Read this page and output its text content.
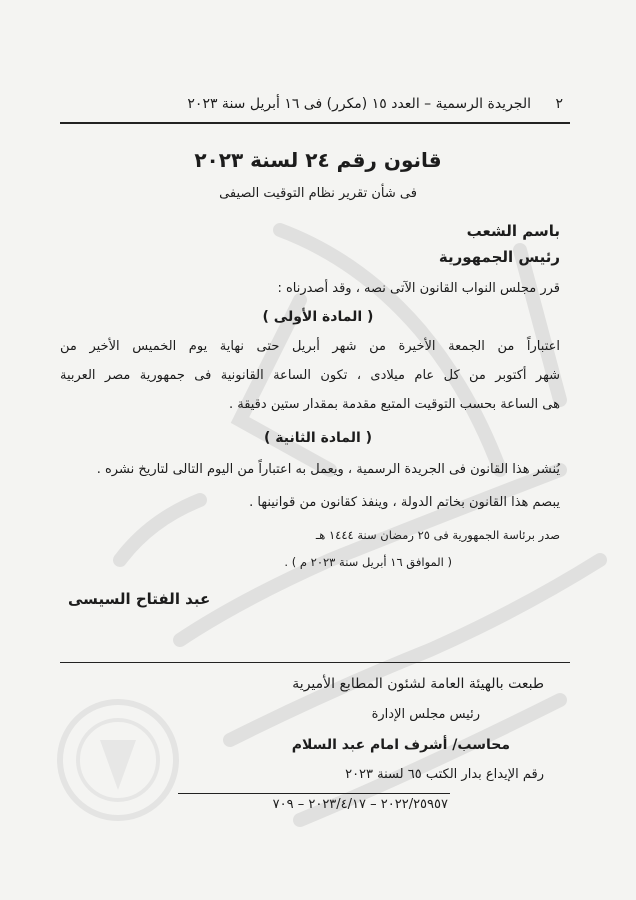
٢
الجريدة الرسمية – العدد ١٥ (مكرر) فى ١٦ أبريل سنة ٢٠٢٣
قانون رقم ٢٤ لسنة ٢٠٢٣
فى شأن تقرير نظام التوقيت الصيفى
باسم الشعب
رئيس الجمهورية
قرر مجلس النواب القانون الآتى نصه ، وقد أصدرناه :
( المادة الأولى )
اعتباراً من الجمعة الأخيرة من شهر أبريل حتى نهاية يوم الخميس الأخير من
شهر أكتوبر من كل عام ميلادى ، تكون الساعة القانونية فى جمهورية مصر العربية
هى الساعة بحسب التوقيت المتبع مقدمة بمقدار ستين دقيقة .
( المادة الثانية )
يُنشر هذا القانون فى الجريدة الرسمية ، ويعمل به اعتباراً من اليوم التالى لتاريخ نشره .
يبصم هذا القانون بخاتم الدولة ، وينفذ كقانون من قوانينها .
صدر برئاسة الجمهورية فى ٢٥ رمضان سنة ١٤٤٤ هـ
( الموافق ١٦ أبريل سنة ٢٠٢٣ م ) .
عبد الفتاح السيسى
طبعت بالهيئة العامة لشئون المطابع الأميرية
رئيس مجلس الإدارة
محاسب/ أشرف امام عبد السلام
رقم الإيداع بدار الكتب ٦٥ لسنة ٢٠٢٣
٢٠٢٢/٢٥٩٥٧ – ٢٠٢٣/٤/١٧ – ٧٠٩
